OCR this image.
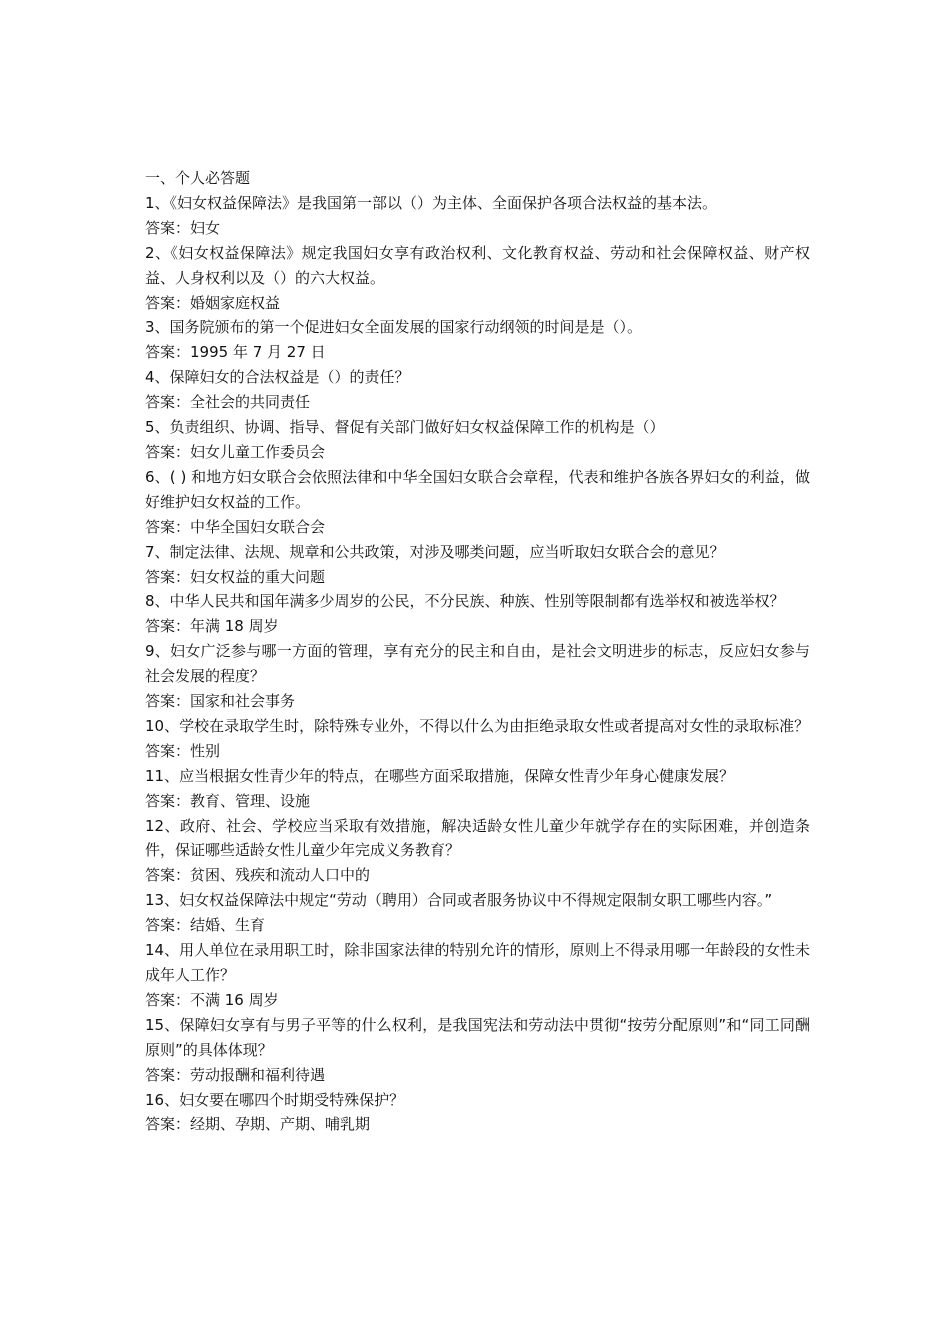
一、个人必答题
1、《妇女权益保障法》是我国第一部以（）为主体、全面保护各项合法权益的基本法。
答案：妇女
2、《妇女权益保障法》规定我国妇女享有政治权利、文化教育权益、劳动和社会保障权益、财产权益、人身权利以及（）的六大权益。
答案：婚姻家庭权益
3、国务院颁布的第一个促进妇女全面发展的国家行动纲领的时间是是（）。
答案：1995 年 7 月 27 日
4、保障妇女的合法权益是（）的责任？
答案：全社会的共同责任
5、负责组织、协调、指导、督促有关部门做好妇女权益保障工作的机构是（）
答案：妇女儿童工作委员会
6、( ) 和地方妇女联合会依照法律和中华全国妇女联合会章程，代表和维护各族各界妇女的利益，做好维护妇女权益的工作。
答案：中华全国妇女联合会
7、制定法律、法规、规章和公共政策，对涉及哪类问题，应当听取妇女联合会的意见？
答案：妇女权益的重大问题
8、中华人民共和国年满多少周岁的公民，不分民族、种族、性别等限制都有选举权和被选举权？
答案：年满 18 周岁
9、妇女广泛参与哪一方面的管理，享有充分的民主和自由，是社会文明进步的标志，反应妇女参与社会发展的程度？
答案：国家和社会事务
10、学校在录取学生时，除特殊专业外，不得以什么为由拒绝录取女性或者提高对女性的录取标准？
答案：性别
11、应当根据女性青少年的特点，在哪些方面采取措施，保障女性青少年身心健康发展？
答案：教育、管理、设施
12、政府、社会、学校应当采取有效措施，解决适龄女性儿童少年就学存在的实际困难，并创造条件，保证哪些适龄女性儿童少年完成义务教育？
答案：贫困、残疾和流动人口中的
13、妇女权益保障法中规定“劳动（聘用）合同或者服务协议中不得规定限制女职工哪些内容。”
答案：结婚、生育
14、用人单位在录用职工时，除非国家法律的特别允许的情形，原则上不得录用哪一年龄段的女性未成年人工作？
答案：不满 16 周岁
15、保障妇女享有与男子平等的什么权利，是我国宪法和劳动法中贯彻“按劳分配原则”和“同工同酬原则”的具体体现？
答案：劳动报酬和福利待遇
16、妇女要在哪四个时期受特殊保护？
答案：经期、孕期、产期、哺乳期
